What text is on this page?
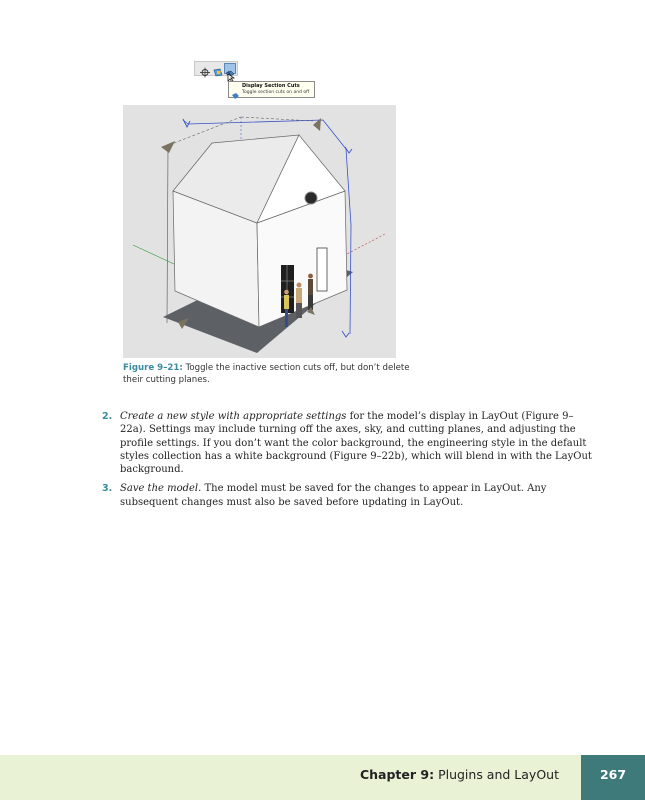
Display Section Cuts
Toggle section cuts on and off
Figure 9–21: Toggle the inactive section cuts off, but don’t delete their cutting planes.
2. Create a new style with appropriate settings for the model’s display in LayOut (Figure 9–22a). Settings may include turning off the axes, sky, and cutting planes, and adjusting the profile settings. If you don’t want the color background, the engineering style in the default styles collection has a white background (Figure 9–22b), which will blend in with the LayOut background.
3. Save the model. The model must be saved for the changes to appear in LayOut. Any subsequent changes must also be saved before updating in LayOut.
Chapter 9: Plugins and LayOut	267
